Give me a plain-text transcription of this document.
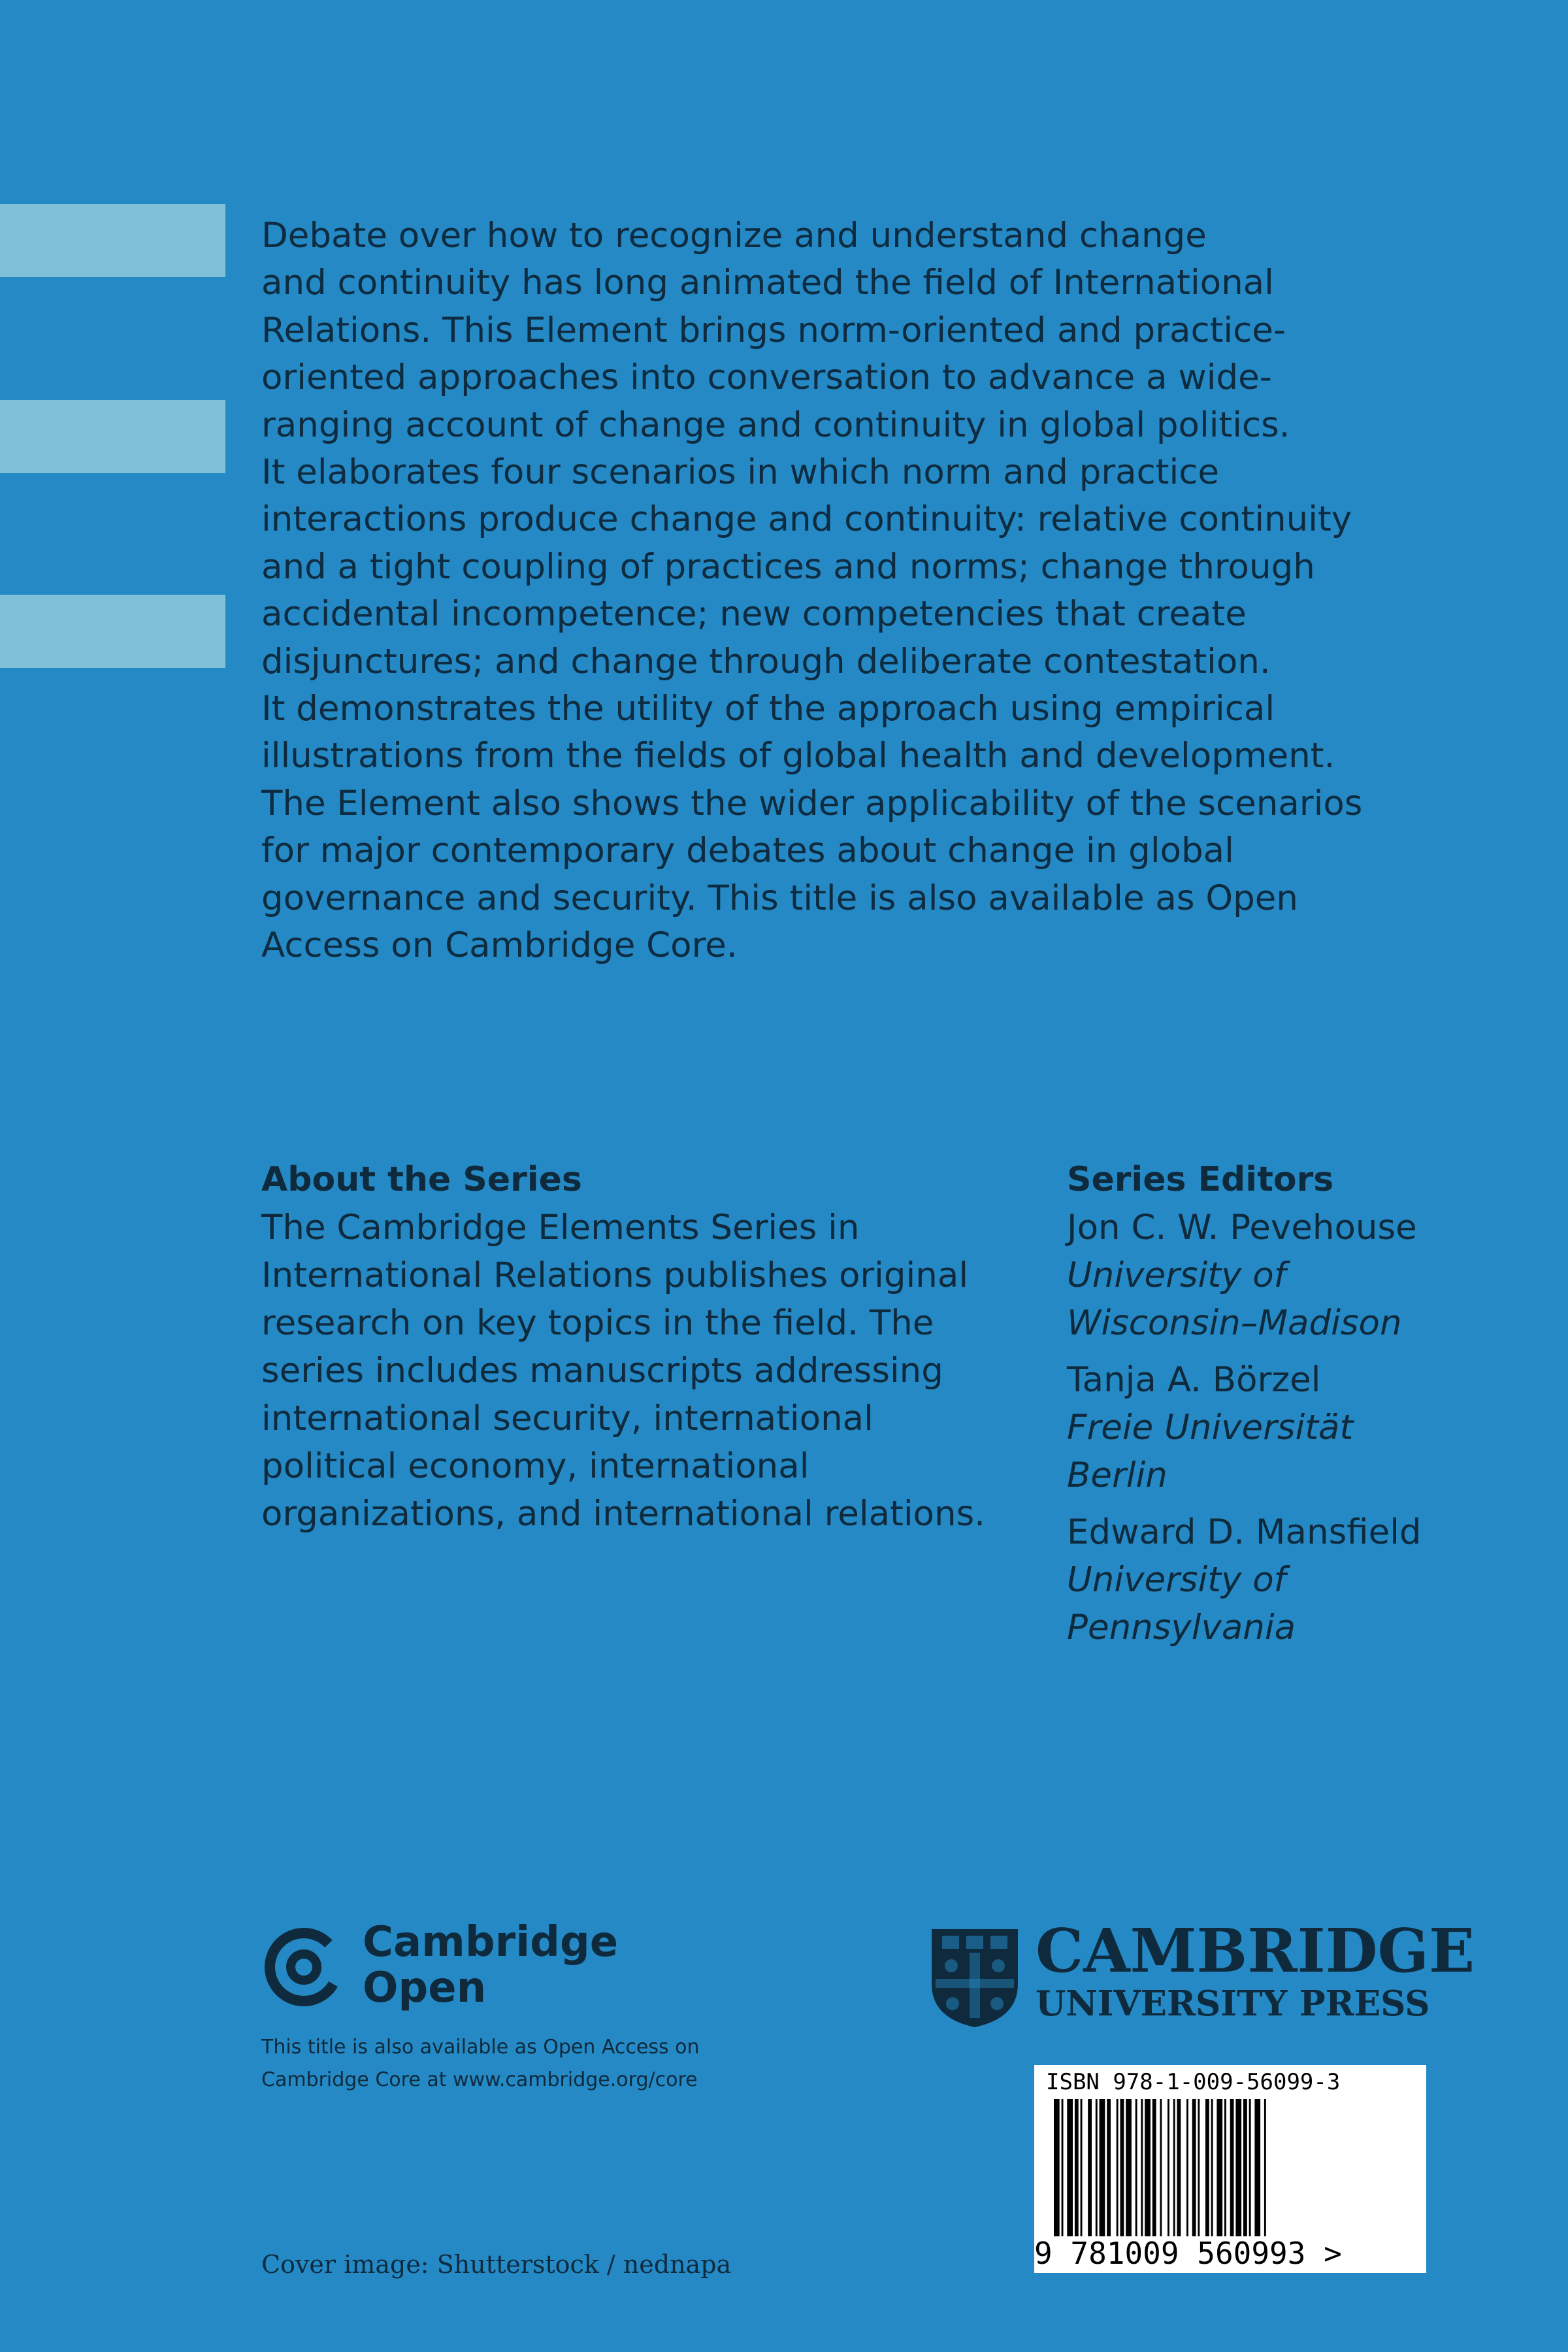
Debate over how to recognize and understand change
and continuity has long animated the field of International
Relations. This Element brings norm-oriented and practice-
oriented approaches into conversation to advance a wide-
ranging account of change and continuity in global politics.
It elaborates four scenarios in which norm and practice
interactions produce change and continuity: relative continuity
and a tight coupling of practices and norms; change through
accidental incompetence; new competencies that create
disjunctures; and change through deliberate contestation.
It demonstrates the utility of the approach using empirical
illustrations from the fields of global health and development.
The Element also shows the wider applicability of the scenarios
for major contemporary debates about change in global
governance and security. This title is also available as Open
Access on Cambridge Core.
About the Series
The Cambridge Elements Series in
International Relations publishes original
research on key topics in the field. The
series includes manuscripts addressing
international security, international
political economy, international
organizations, and international relations.
Series Editors
Jon C. W. Pevehouse
University of
Wisconsin–Madison
Tanja A. Börzel
Freie Universität
Berlin
Edward D. Mansfield
University of
Pennsylvania
Cambridge
Open
This title is also available as Open Access on
Cambridge Core at www.cambridge.org/core
CAMBRIDGE
UNIVERSITY PRESS
ISBN 978-1-009-56099-3
9 781009 560993 >
Cover image: Shutterstock / nednapa
